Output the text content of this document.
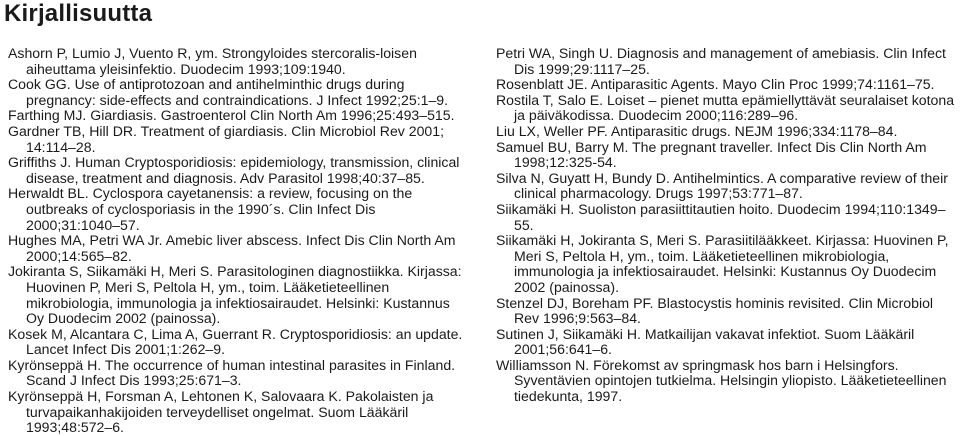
Kirjallisuutta

Ashorn P, Lumio J, Vuento R, ym. Strongyloides stercoralis-loisen aiheuttama yleisinfektio. Duodecim 1993;109:1940.

Cook GG. Use of antiprotozoan and antihelminthic drugs during pregnancy: side-effects and contraindications. J Infect 1992;25:1–9.

Farthing MJ. Giardiasis. Gastroenterol Clin North Am 1996;25:493–515.

Gardner TB, Hill DR. Treatment of giardiasis. Clin Microbiol Rev 2001; 14:114–28.

Griffiths J. Human Cryptosporidiosis: epidemiology, transmission, clinical disease, treatment and diagnosis. Adv Parasitol 1998;40:37–85.

Herwaldt BL. Cyclospora cayetanensis: a review, focusing on the outbreaks of cyclosporiasis in the 1990´s. Clin Infect Dis 2000;31:1040–57.

Hughes MA, Petri WA Jr. Amebic liver abscess. Infect Dis Clin North Am 2000;14:565–82.

Jokiranta S, Siikamäki H, Meri S. Parasitologinen diagnostiikka. Kirjassa: Huovinen P, Meri S, Peltola H, ym., toim. Lääketieteellinen mikrobiologia, immunologia ja infektiosairaudet. Helsinki: Kustannus Oy Duodecim 2002 (painossa).

Kosek M, Alcantara C, Lima A, Guerrant R. Cryptosporidiosis: an update. Lancet Infect Dis 2001;1:262–9.

Kyrönseppä H. The occurrence of human intestinal parasites in Finland. Scand J Infect Dis 1993;25:671–3.

Kyrönseppä H, Forsman A, Lehtonen K, Salovaara K. Pakolaisten ja turvapaikanhakijoiden terveydelliset ongelmat. Suom Lääkäril 1993;48:572–6.

Petri WA, Singh U. Diagnosis and management of amebiasis. Clin Infect Dis 1999;29:1117–25.

Rosenblatt JE. Antiparasitic Agents. Mayo Clin Proc 1999;74:1161–75.

Rostila T, Salo E. Loiset – pienet mutta epämiellyttävät seuralaiset kotona ja päiväkodissa. Duodecim 2000;116:289–96.

Liu LX, Weller PF. Antiparasitic drugs. NEJM 1996;334:1178–84.

Samuel BU, Barry M. The pregnant traveller. Infect Dis Clin North Am 1998;12:325-54.

Silva N, Guyatt H, Bundy D. Antihelmintics. A comparative review of their clinical pharmacology. Drugs 1997;53:771–87.

Siikamäki H. Suoliston parasiittitautien hoito. Duodecim 1994;110:1349–55.

Siikamäki H, Jokiranta S, Meri S. Parasiitilääkkeet. Kirjassa: Huovinen P, Meri S, Peltola H, ym., toim. Lääketieteellinen mikrobiologia, immunologia ja infektiosairaudet. Helsinki: Kustannus Oy Duodecim 2002 (painossa).

Stenzel DJ, Boreham PF. Blastocystis hominis revisited. Clin Microbiol Rev 1996;9:563–84.

Sutinen J, Siikamäki H. Matkailijan vakavat infektiot. Suom Lääkäril 2001;56:641–6.

Williamsson N. Förekomst av springmask hos barn i Helsingfors. Syventävien opintojen tutkielma. Helsingin yliopisto. Lääketieteellinen tiedekunta, 1997.
